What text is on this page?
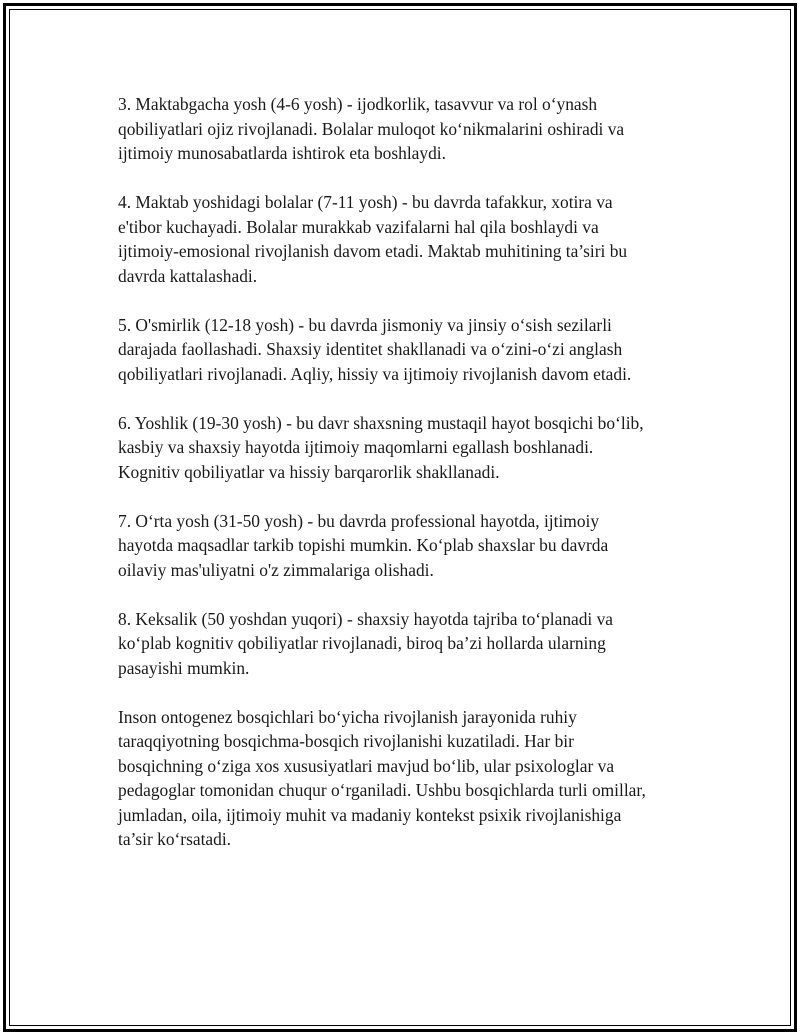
3. Maktabgacha yosh (4-6 yosh) - ijodkorlik, tasavvur va rol o‘ynash
qobiliyatlari ojiz rivojlanadi. Bolalar muloqot ko‘nikmalarini oshiradi va
ijtimoiy munosabatlarda ishtirok eta boshlaydi.

4. Maktab yoshidagi bolalar (7-11 yosh) - bu davrda tafakkur, xotira va
e'tibor kuchayadi. Bolalar murakkab vazifalarni hal qila boshlaydi va
ijtimoiy-emosional rivojlanish davom etadi. Maktab muhitining ta’siri bu
davrda kattalashadi.

5. O'smirlik (12-18 yosh) - bu davrda jismoniy va jinsiy o‘sish sezilarli
darajada faollashadi. Shaxsiy identitet shakllanadi va o‘zini-o‘zi anglash
qobiliyatlari rivojlanadi. Aqliy, hissiy va ijtimoiy rivojlanish davom etadi.

6. Yoshlik (19-30 yosh) - bu davr shaxsning mustaqil hayot bosqichi bo‘lib,
kasbiy va shaxsiy hayotda ijtimoiy maqomlarni egallash boshlanadi.
Kognitiv qobiliyatlar va hissiy barqarorlik shakllanadi.

7. O‘rta yosh (31-50 yosh) - bu davrda professional hayotda, ijtimoiy
hayotda maqsadlar tarkib topishi mumkin. Ko‘plab shaxslar bu davrda
oilaviy mas'uliyatni o'z zimmalariga olishadi.

8. Keksalik (50 yoshdan yuqori) - shaxsiy hayotda tajriba to‘planadi va
ko‘plab kognitiv qobiliyatlar rivojlanadi, biroq ba’zi hollarda ularning
pasayishi mumkin.

Inson ontogenez bosqichlari bo‘yicha rivojlanish jarayonida ruhiy
taraqqiyotning bosqichma-bosqich rivojlanishi kuzatiladi. Har bir
bosqichning o‘ziga xos xususiyatlari mavjud bo‘lib, ular psixologlar va
pedagoglar tomonidan chuqur o‘rganiladi. Ushbu bosqichlarda turli omillar,
jumladan, oila, ijtimoiy muhit va madaniy kontekst psixik rivojlanishiga
ta’sir ko‘rsatadi.
